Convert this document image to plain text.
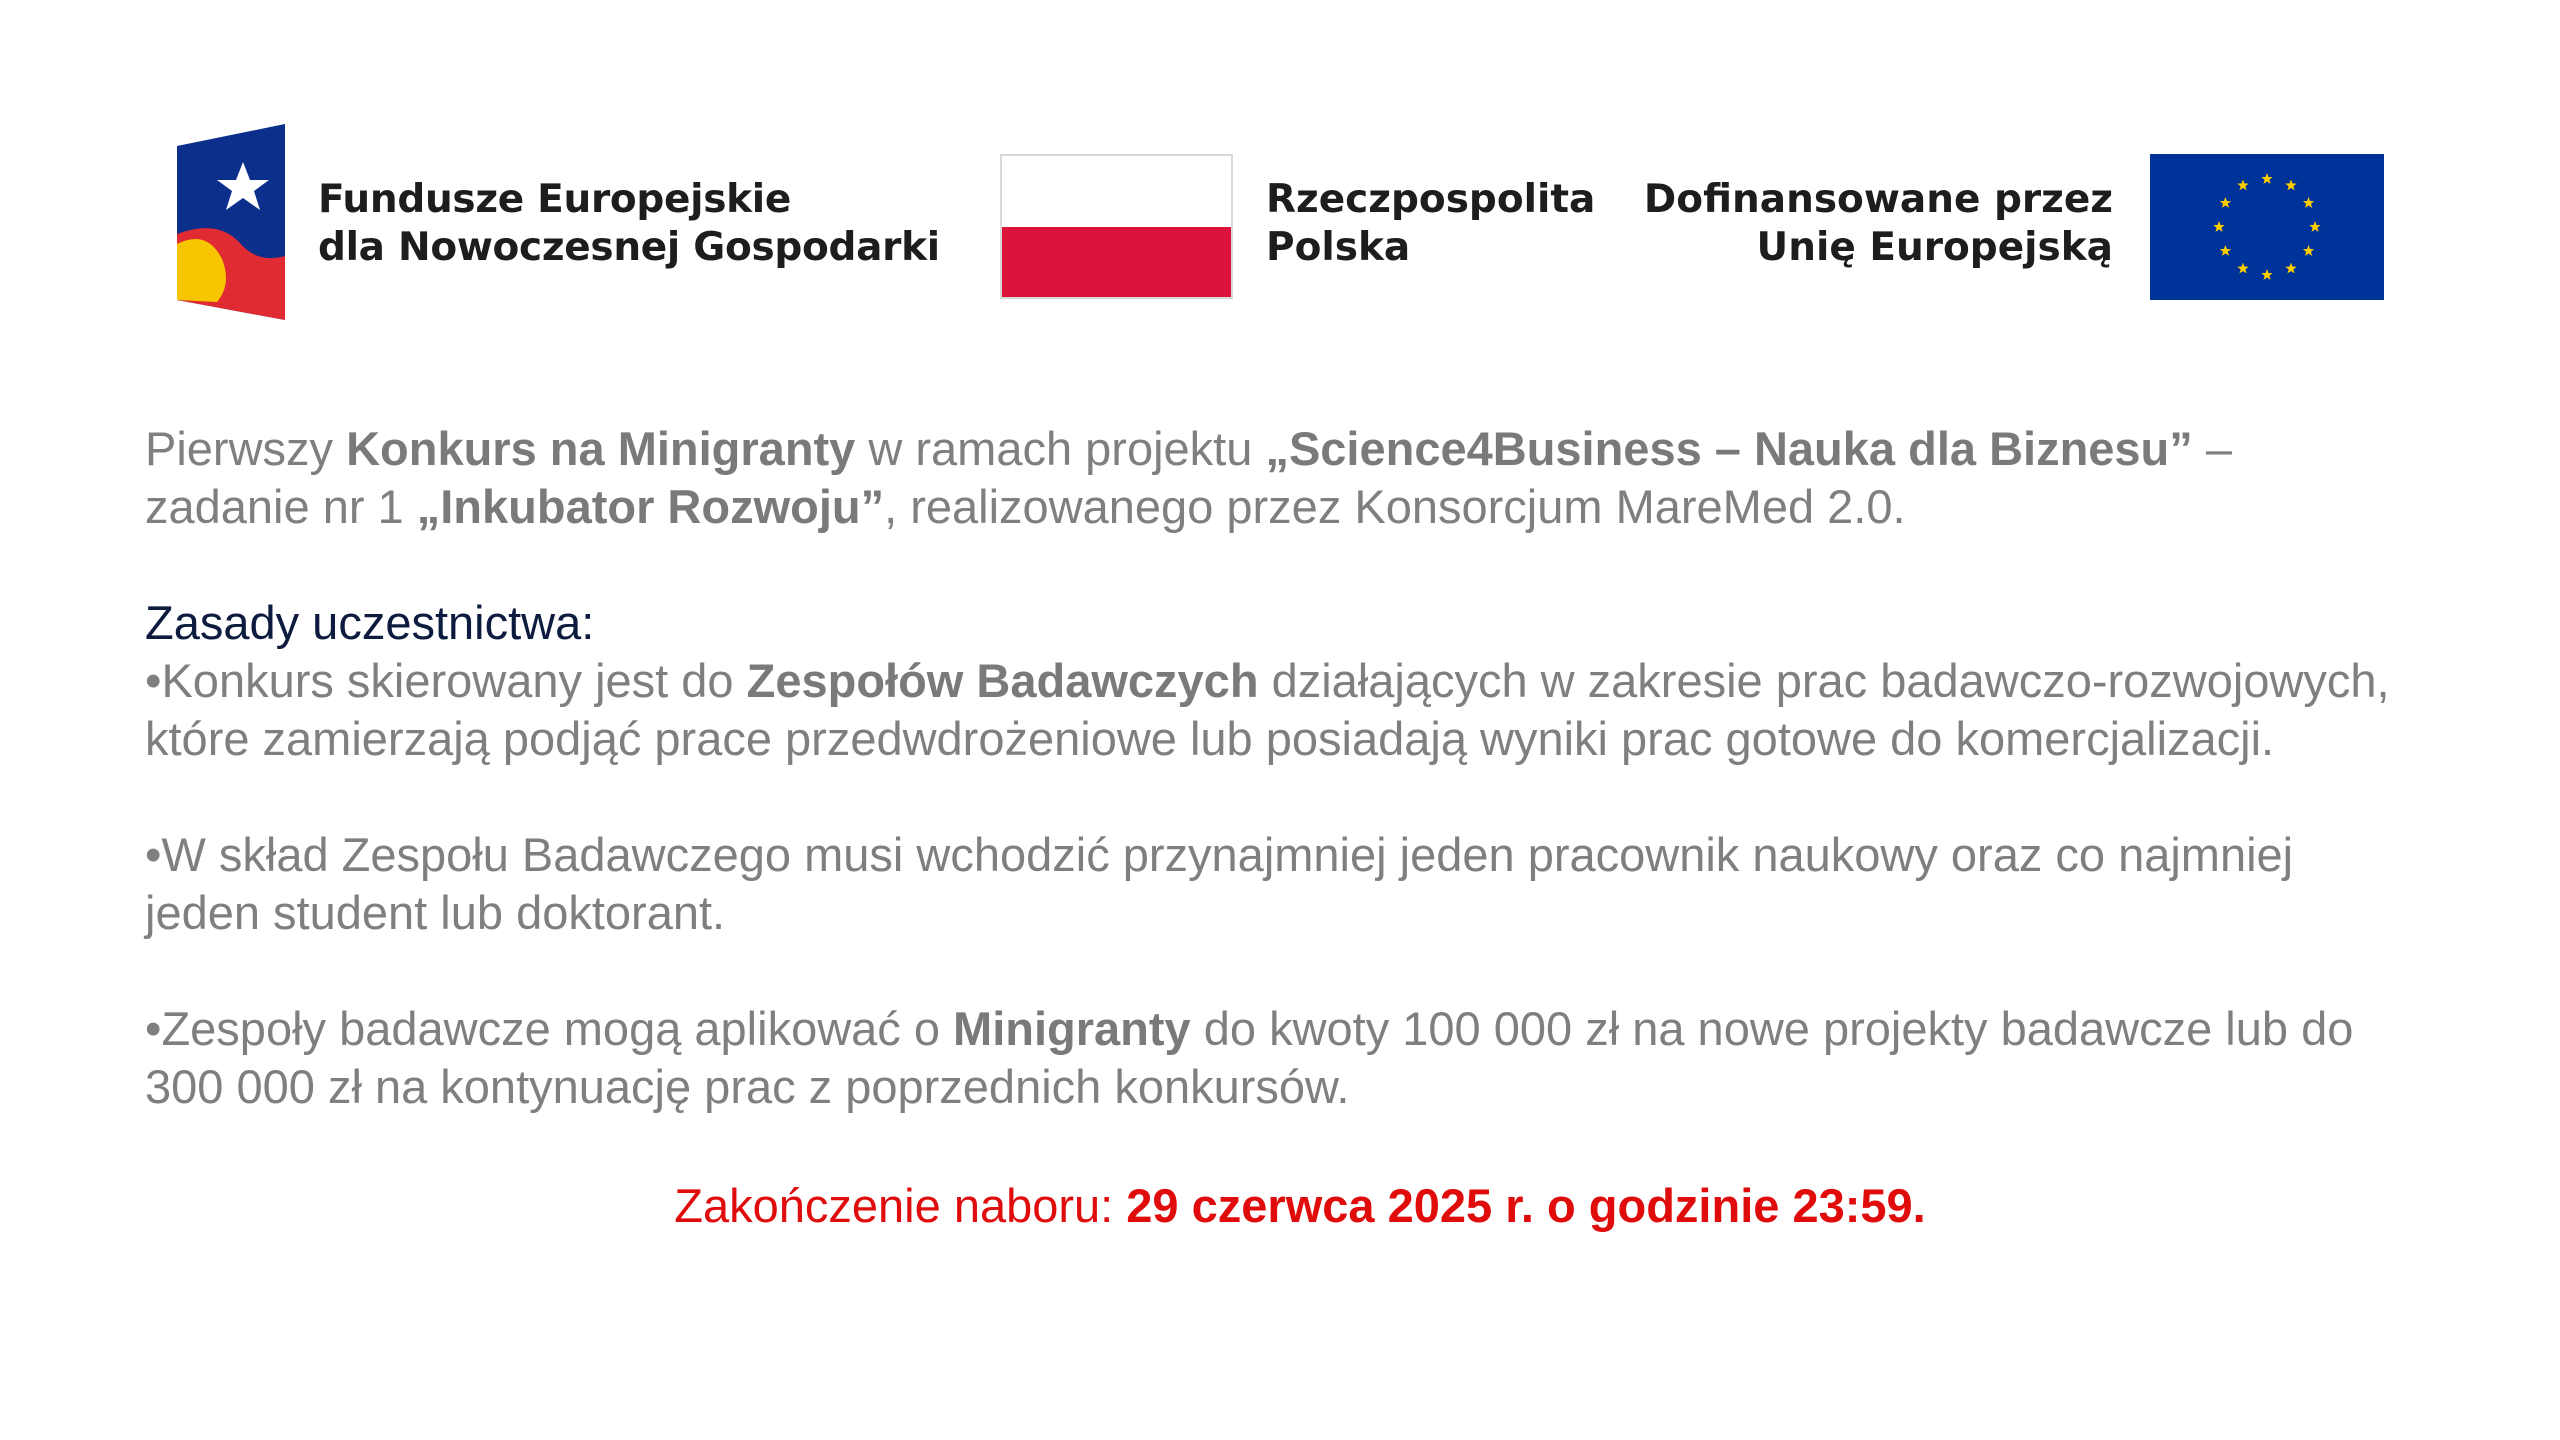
Fundusze Europejskie
dla Nowoczesnej Gospodarki
Rzeczpospolita
Polska
Dofinansowane przez
Unię Europejską

Pierwszy Konkurs na Minigranty w ramach projektu „Science4Business – Nauka dla Biznesu” –

zadanie nr 1 „Inkubator Rozwoju”, realizowanego przez Konsorcjum MareMed 2.0.

Zasady uczestnictwa:

•Konkurs skierowany jest do Zespołów Badawczych działających w zakresie prac badawczo-rozwojowych,

które zamierzają podjąć prace przedwdrożeniowe lub posiadają wyniki prac gotowe do komercjalizacji.

•W skład Zespołu Badawczego musi wchodzić przynajmniej jeden pracownik naukowy oraz co najmniej

jeden student lub doktorant.

•Zespoły badawcze mogą aplikować o Minigranty do kwoty 100 000 zł na nowe projekty badawcze lub do

300 000 zł na kontynuację prac z poprzednich konkursów.

Zakończenie naboru: 29 czerwca 2025 r. o godzinie 23:59.
